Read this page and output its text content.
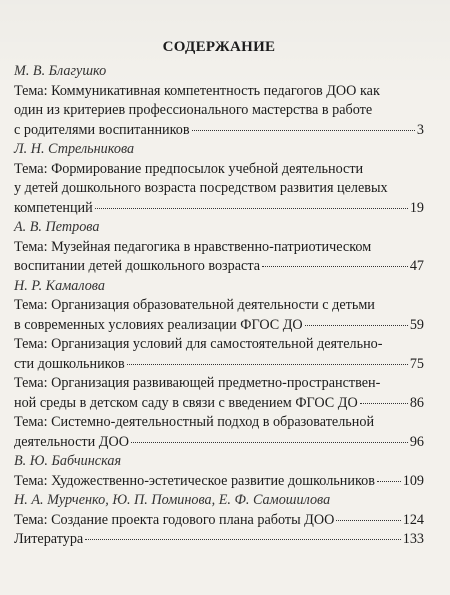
СОДЕРЖАНИЕ
М. В. Благушко
Тема: Коммуникативная компетентность педагогов ДОО как
один из критериев профессионального мастерства в работе
с родителями воспитанников	3
Л. Н. Стрельникова
Тема: Формирование предпосылок учебной деятельности
у детей дошкольного возраста посредством развития целевых
компетенций	19
А. В. Петрова
Тема: Музейная педагогика в нравственно-патриотическом
воспитании детей дошкольного возраста	47
Н. Р. Камалова
Тема: Организация образовательной деятельности с детьми
в современных условиях реализации ФГОС ДО	59
Тема: Организация условий для самостоятельной деятельно-
сти дошкольников	75
Тема: Организация развивающей предметно-пространствен-
ной среды в детском саду в связи с введением ФГОС ДО	86
Тема: Системно-деятельностный подход в образовательной
деятельности ДОО	96
В. Ю. Бабчинская
Тема: Художественно-эстетическое развитие дошкольников 109
Н. А. Мурченко, Ю. П. Поминова, Е. Ф. Самошилова
Тема: Создание проекта годового плана работы ДОО	124
Литература	133
